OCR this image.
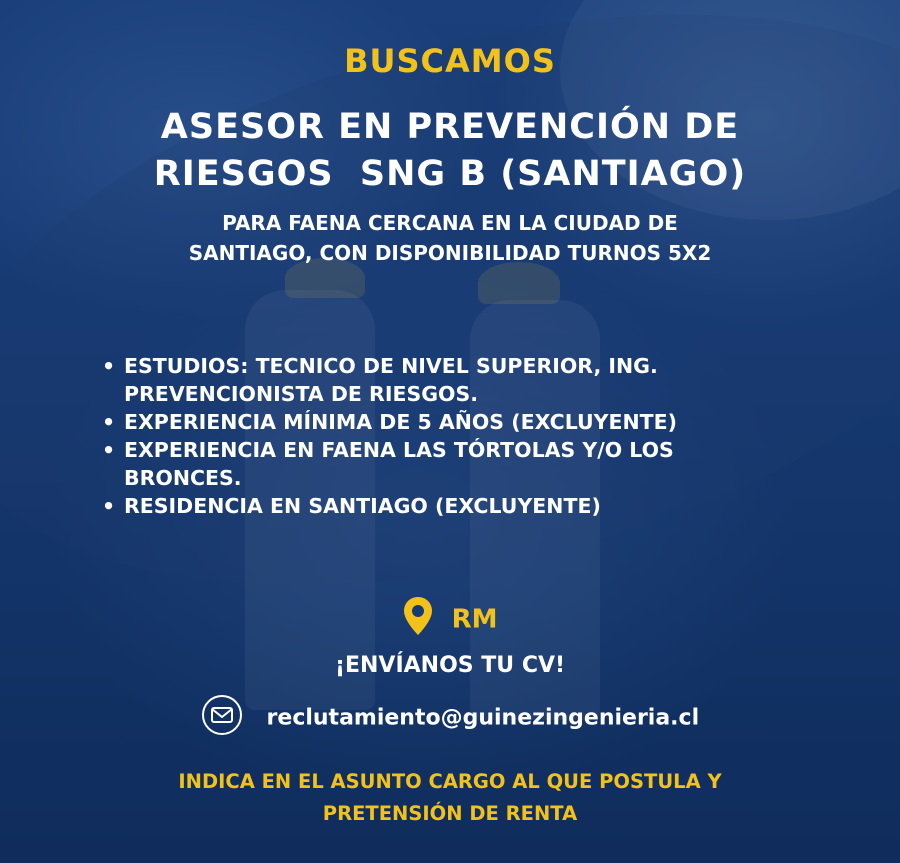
BUSCAMOS
ASESOR EN PREVENCIÓN DE
RIESGOS  SNG B (SANTIAGO)
PARA FAENA CERCANA EN LA CIUDAD DE
SANTIAGO, CON DISPONIBILIDAD TURNOS 5X2
• ESTUDIOS: TECNICO DE NIVEL SUPERIOR, ING.
PREVENCIONISTA DE RIESGOS.
• EXPERIENCIA MÍNIMA DE 5 AÑOS (EXCLUYENTE)
• EXPERIENCIA EN FAENA LAS TÓRTOLAS Y/O LOS
BRONCES.
• RESIDENCIA EN SANTIAGO (EXCLUYENTE)
RM
¡ENVÍANOS TU CV!
reclutamiento@guinezingenieria.cl
INDICA EN EL ASUNTO CARGO AL QUE POSTULA Y
PRETENSIÓN DE RENTA
